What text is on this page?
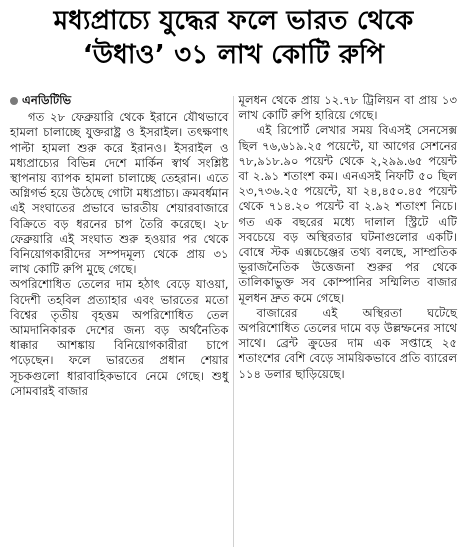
মধ্যপ্রাচ্যে যুদ্ধের ফলে ভারত থেকে ‘উধাও’ ৩১ লাখ কোটি রুপি
এনডিটিভি

গত ২৮ ফেব্রুয়ারি থেকে ইরানে যৌথভাবে হামলা চালাচ্ছে যুক্তরাষ্ট্র ও ইসরাইল। তৎক্ষণাৎ পাল্টা হামলা শুরু করে ইরানও। ইসরাইল ও মধ্যপ্রাচ্যের বিভিন্ন দেশে মার্কিন স্বার্থ সংশ্লিষ্ট স্থাপনায় ব্যাপক হামলা চালাচ্ছে তেহরান। এতে অগ্নিগর্ভ হয়ে উঠেছে গোটা মধ্যপ্রাচ্য। ক্রমবর্ধমান এই সংঘাতের প্রভাবে ভারতীয় শেয়ারবাজারে বিক্রিতে বড় ধরনের চাপ তৈরি করেছে। ২৮ ফেব্রুয়ারি এই সংঘাত শুরু হওয়ার পর থেকে বিনিয়োগকারীদের সম্পদমূল্য থেকে প্রায় ৩১ লাখ কোটি রুপি মুছে গেছে।

অপরিশোধিত তেলের দাম হঠাৎ বেড়ে যাওয়া, বিদেশী তহবিল প্রত্যাহার এবং ভারতের মতো বিশ্বের তৃতীয় বৃহত্তম অপরিশোধিত তেল আমদানিকারক দেশের জন্য বড় অর্থনৈতিক ধাক্কার আশঙ্কায় বিনিয়োগকারীরা চাপে পড়েছেন। ফলে ভারতের প্রধান শেয়ার সূচকগুলো ধারাবাহিকভাবে নেমে গেছে। শুধু সোমবারই বাজার

মূলধন থেকে প্রায় ১২.৭৮ ট্রিলিয়ন বা প্রায় ১৩ লাখ কোটি রুপি হারিয়ে গেছে।

এই রিপোর্ট লেখার সময় বিএসই সেনসেক্স ছিল ৭৬,৬১৯.২৫ পয়েন্টে, যা আগের সেশনের ৭৮,৯১৮.৯০ পয়েন্ট থেকে ২,২৯৯.৬৫ পয়েন্ট বা ২.৯১ শতাংশ কম। এনএসই নিফটি ৫০ ছিল ২৩,৭৩৬.২৫ পয়েন্টে, যা ২৪,৪৫০.৪৫ পয়েন্ট থেকে ৭১৪.২০ পয়েন্ট বা ২.৯২ শতাংশ নিচে। গত এক বছরের মধ্যে দালাল স্ট্রিটে এটি সবচেয়ে বড় অস্থিরতার ঘটনাগুলোর একটি। বোম্বে স্টক এক্সচেঞ্জের তথ্য বলছে, সাম্প্রতিক ভূরাজনৈতিক উত্তেজনা শুরুর পর থেকে তালিকাভুক্ত সব কোম্পানির সম্মিলিত বাজার মূলধন দ্রুত কমে গেছে।

বাজারের এই অস্থিরতা ঘটেছে অপরিশোধিত তেলের দামে বড় উল্লম্ফনের সাথে সাথে। ব্রেন্ট ক্রুডের দাম এক সপ্তাহে ২৫ শতাংশের বেশি বেড়ে সাময়িকভাবে প্রতি ব্যারেল ১১৪ ডলার ছাড়িয়েছে।
